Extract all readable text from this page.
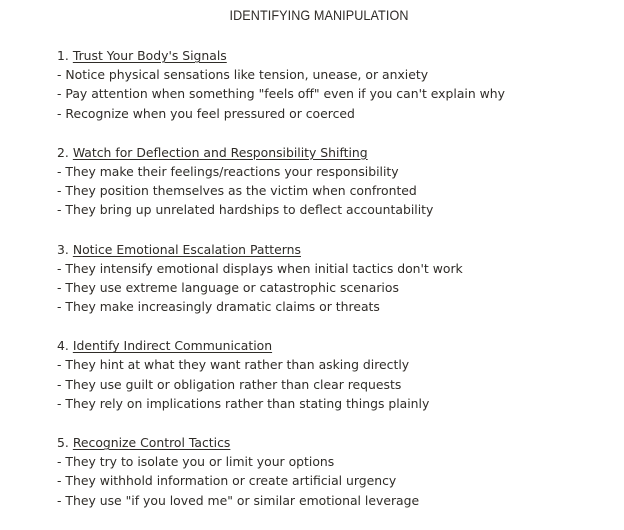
IDENTIFYING MANIPULATION
1. Trust Your Body's Signals
- Notice physical sensations like tension, unease, or anxiety
- Pay attention when something "feels off" even if you can't explain why
- Recognize when you feel pressured or coerced
2. Watch for Deflection and Responsibility Shifting
- They make their feelings/reactions your responsibility
- They position themselves as the victim when confronted
- They bring up unrelated hardships to deflect accountability
3. Notice Emotional Escalation Patterns
- They intensify emotional displays when initial tactics don't work
- They use extreme language or catastrophic scenarios
- They make increasingly dramatic claims or threats
4. Identify Indirect Communication
- They hint at what they want rather than asking directly
- They use guilt or obligation rather than clear requests
- They rely on implications rather than stating things plainly
5. Recognize Control Tactics
- They try to isolate you or limit your options
- They withhold information or create artificial urgency
- They use "if you loved me" or similar emotional leverage
